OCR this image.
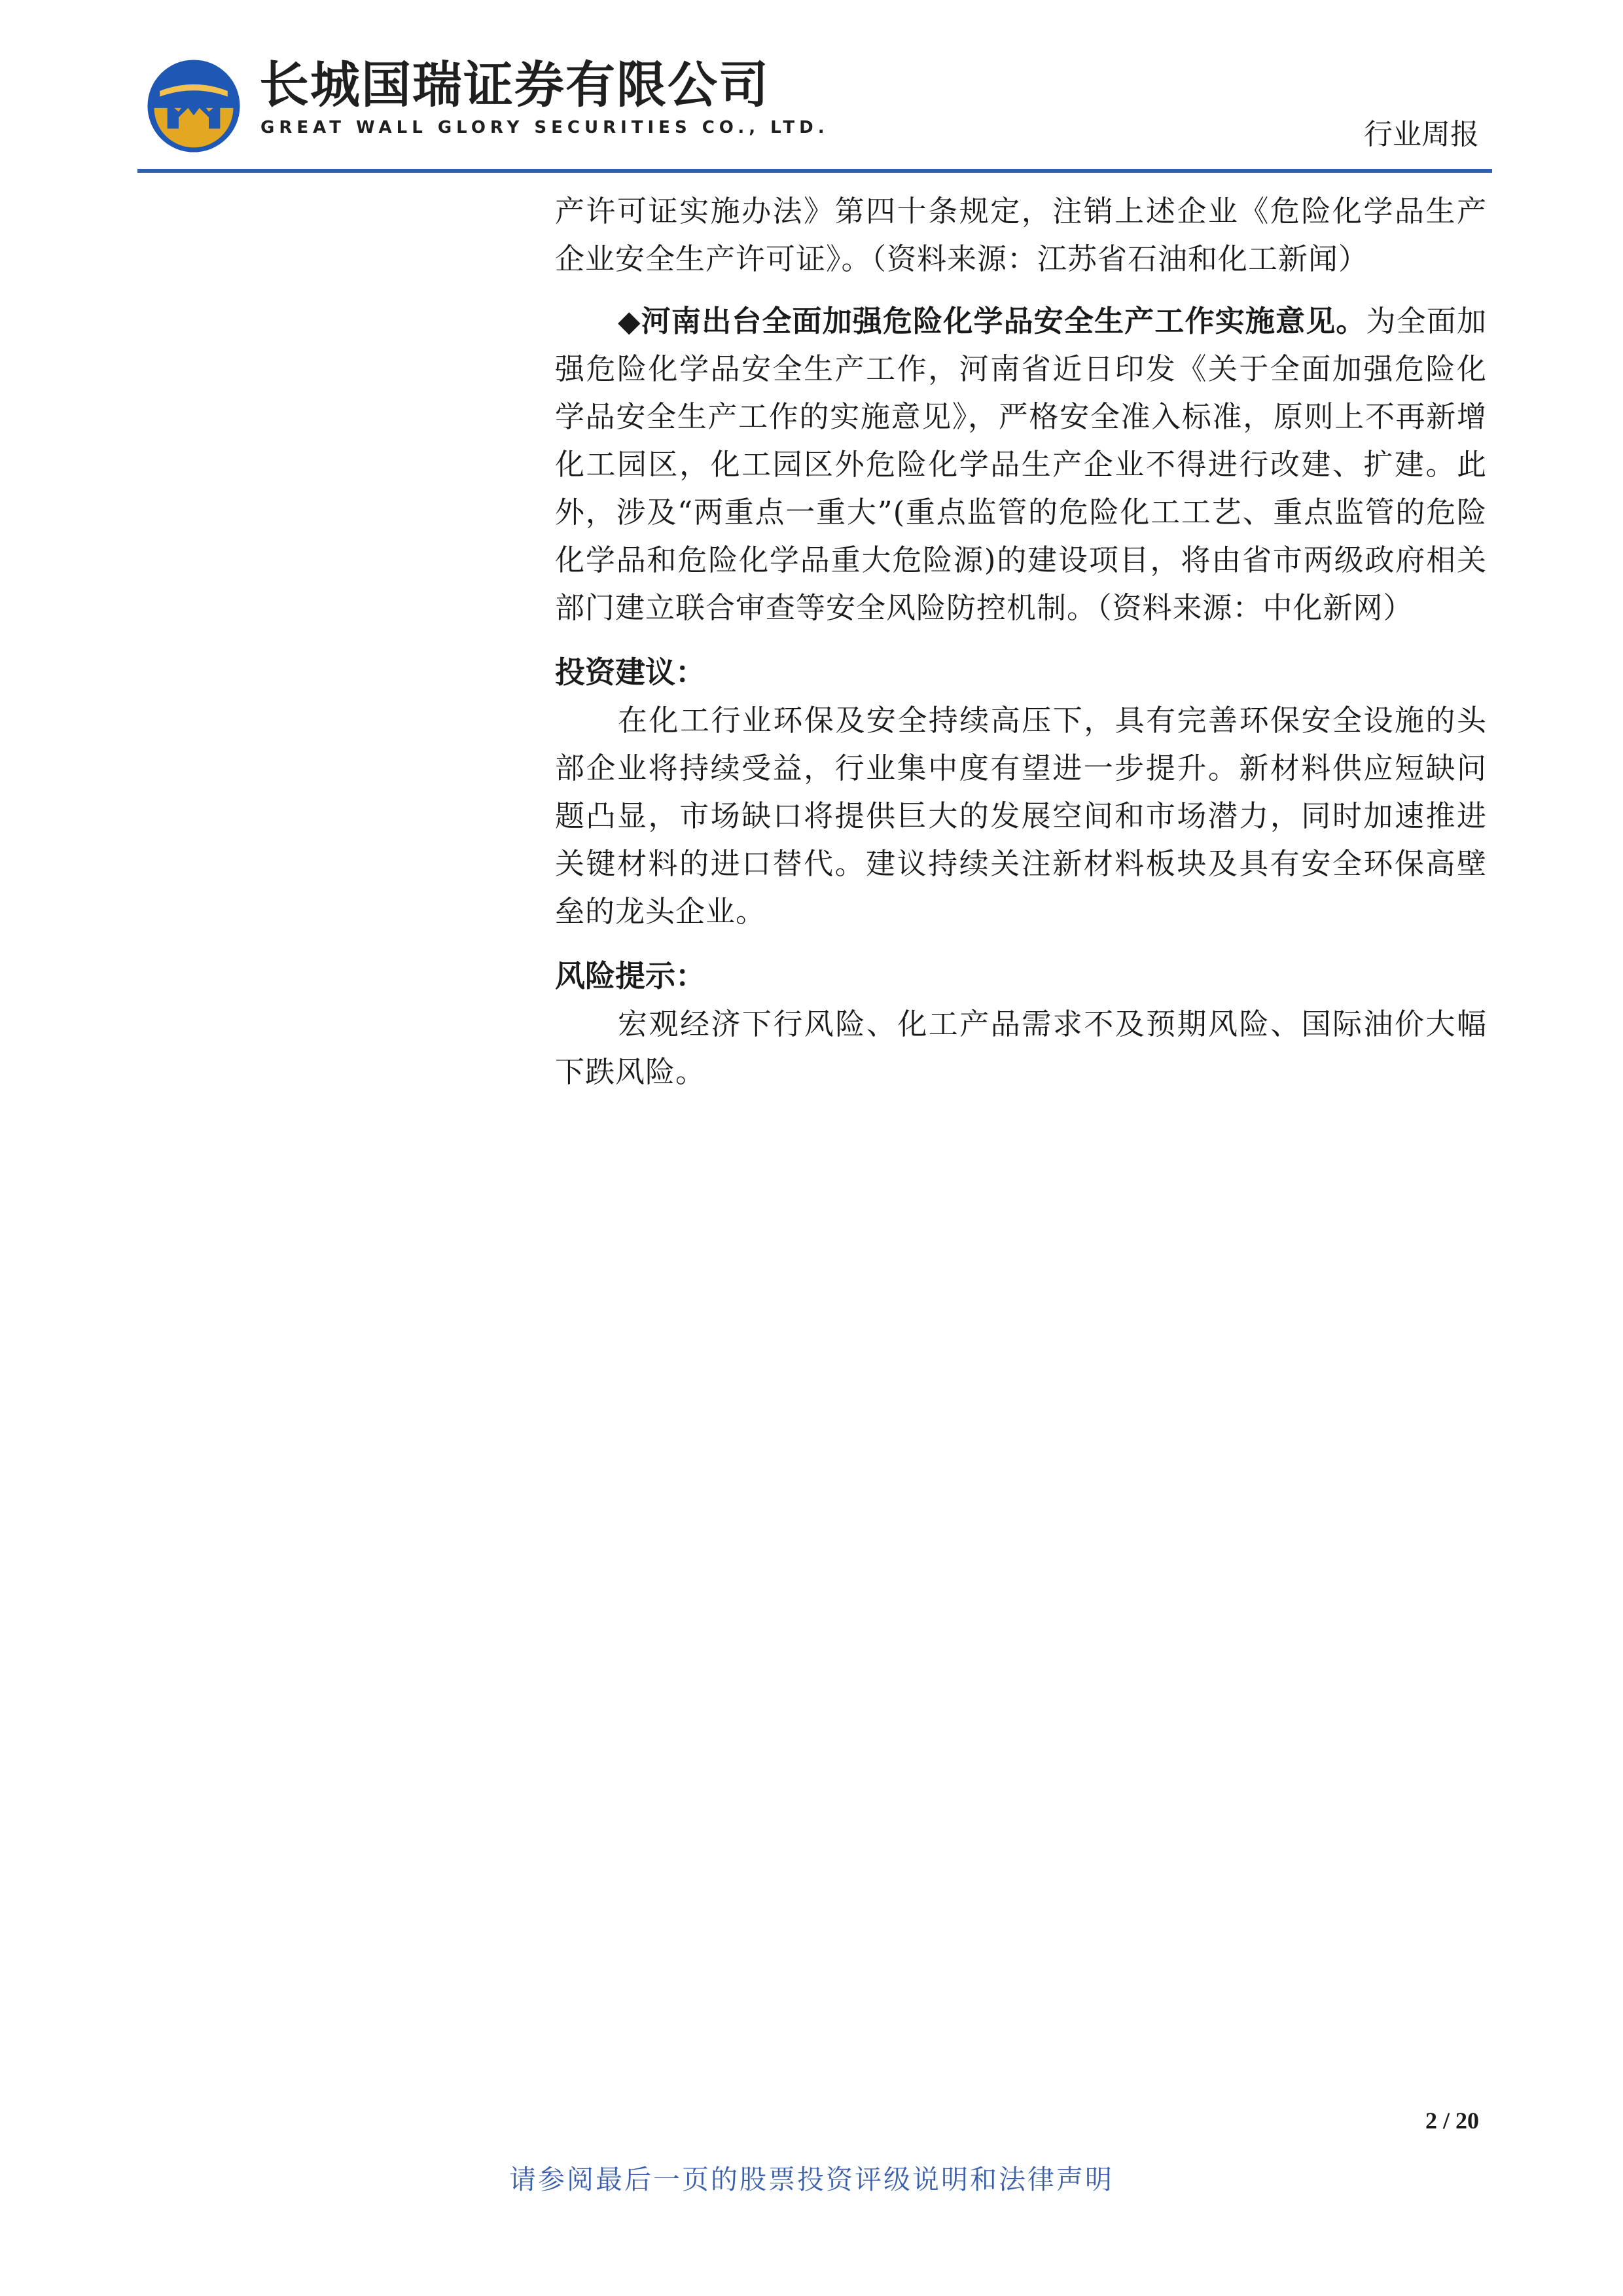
长城国瑞证券有限公司
GREAT WALL GLORY SECURITIES CO., LTD.	行业周报

产许可证实施办法》第四十条规定，注销上述企业《危险化学品生产企业安全生产许可证》。（资料来源：江苏省石油和化工新闻）

◆河南出台全面加强危险化学品安全生产工作实施意见。为全面加强危险化学品安全生产工作，河南省近日印发《关于全面加强危险化学品安全生产工作的实施意见》，严格安全准入标准，原则上不再新增化工园区，化工园区外危险化学品生产企业不得进行改建、扩建。此外，涉及“两重点一重大”(重点监管的危险化工工艺、重点监管的危险化学品和危险化学品重大危险源)的建设项目，将由省市两级政府相关部门建立联合审查等安全风险防控机制。（资料来源：中化新网）

投资建议：

在化工行业环保及安全持续高压下，具有完善环保安全设施的头部企业将持续受益，行业集中度有望进一步提升。新材料供应短缺问题凸显，市场缺口将提供巨大的发展空间和市场潜力，同时加速推进关键材料的进口替代。建议持续关注新材料板块及具有安全环保高壁垒的龙头企业。

风险提示：

宏观经济下行风险、化工产品需求不及预期风险、国际油价大幅下跌风险。

2 / 20
请参阅最后一页的股票投资评级说明和法律声明
